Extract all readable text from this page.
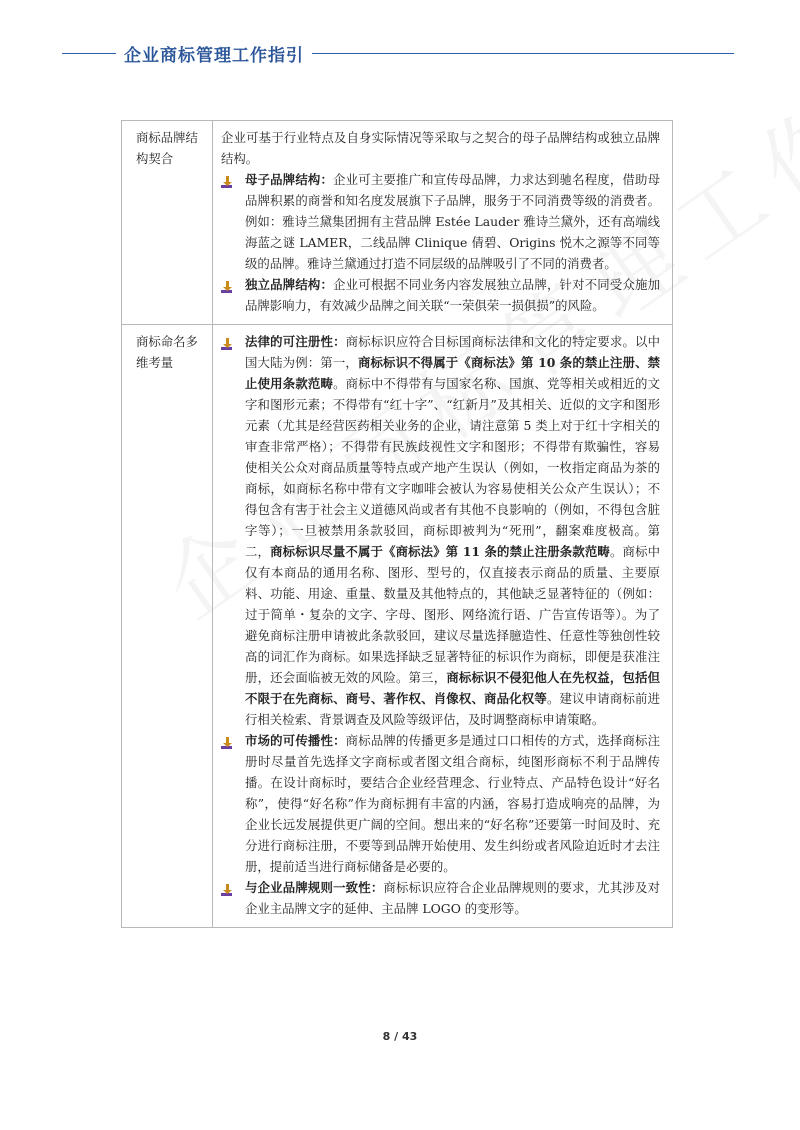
企业商标管理工作指引
商标品牌结构契合	企业可基于行业特点及自身实际情况等采取与之契合的母子品牌结构或独立品牌结构。
母子品牌结构：企业可主要推广和宣传母品牌，力求达到驰名程度，借助母品牌积累的商誉和知名度发展旗下子品牌，服务于不同消费等级的消费者。例如：雅诗兰黛集团拥有主营品牌 Estée Lauder 雅诗兰黛外，还有高端线海蓝之谜 LAMER，二线品牌 Clinique 倩碧、Origins 悦木之源等不同等级的品牌。雅诗兰黛通过打造不同层级的品牌吸引了不同的消费者。
独立品牌结构：企业可根据不同业务内容发展独立品牌，针对不同受众施加品牌影响力，有效减少品牌之间关联“一荣俱荣一损俱损”的风险。

商标命名多维考量	法律的可注册性：商标标识应符合目标国商标法律和文化的特定要求。以中国大陆为例：第一，商标标识不得属于《商标法》第 10 条的禁止注册、禁止使用条款范畴。商标中不得带有与国家名称、国旗、党等相关或相近的文字和图形元素；不得带有“红十字”、“红新月”及其相关、近似的文字和图形元素（尤其是经营医药相关业务的企业，请注意第 5 类上对于红十字相关的审查非常严格）；不得带有民族歧视性文字和图形；不得带有欺骗性，容易使相关公众对商品质量等特点或产地产生误认（例如，一枚指定商品为茶的商标，如商标名称中带有文字咖啡会被认为容易使相关公众产生误认）；不得包含有害于社会主义道德风尚或者有其他不良影响的（例如，不得包含脏字等）；一旦被禁用条款驳回，商标即被判为“死刑”，翻案难度极高。第二，商标标识尽量不属于《商标法》第 11 条的禁止注册条款范畴。商标中仅有本商品的通用名称、图形、型号的，仅直接表示商品的质量、主要原料、功能、用途、重量、数量及其他特点的，其他缺乏显著特征的（例如：过于简单・复杂的文字、字母、图形、网络流行语、广告宣传语等）。为了避免商标注册申请被此条款驳回，建议尽量选择臆造性、任意性等独创性较高的词汇作为商标。如果选择缺乏显著特征的标识作为商标，即便是获准注册，还会面临被无效的风险。第三，商标标识不侵犯他人在先权益，包括但不限于在先商标、商号、著作权、肖像权、商品化权等。建议申请商标前进行相关检索、背景调查及风险等级评估，及时调整商标申请策略。
市场的可传播性：商标品牌的传播更多是通过口口相传的方式，选择商标注册时尽量首先选择文字商标或者图文组合商标，纯图形商标不利于品牌传播。在设计商标时，要结合企业经营理念、行业特点、产品特色设计“好名称”，使得“好名称”作为商标拥有丰富的内涵，容易打造成响亮的品牌，为企业长远发展提供更广阔的空间。想出来的“好名称”还要第一时间及时、充分进行商标注册，不要等到品牌开始使用、发生纠纷或者风险迫近时才去注册，提前适当进行商标储备是必要的。
与企业品牌规则一致性：商标标识应符合企业品牌规则的要求，尤其涉及对企业主品牌文字的延伸、主品牌 LOGO 的变形等。
8 / 43
